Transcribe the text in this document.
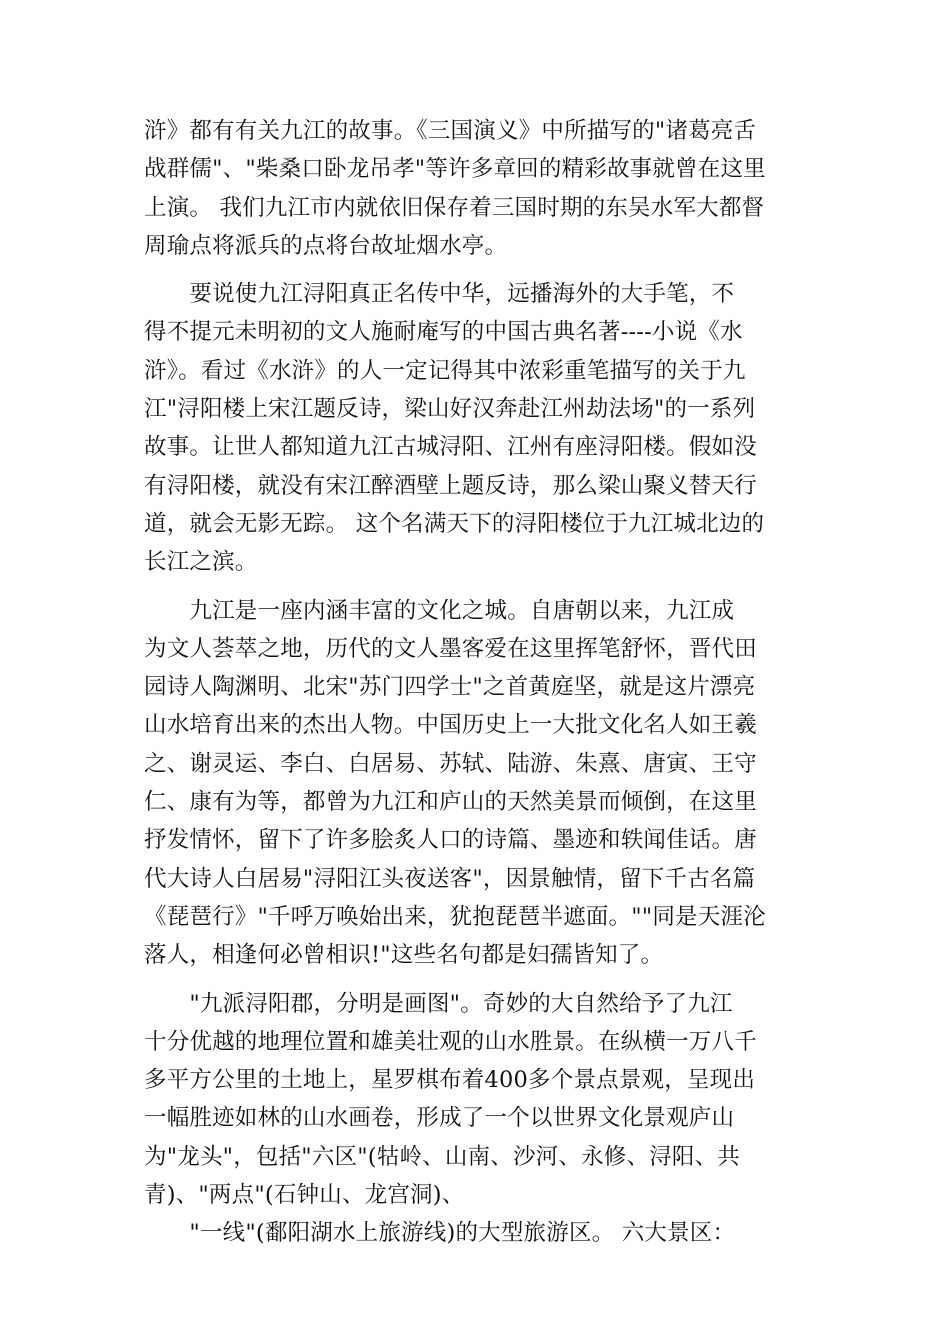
浒》都有有关九江的故事。《三国演义》中所描写的"诸葛亮舌
战群儒"、"柴桑口卧龙吊孝"等许多章回的精彩故事就曾在这里
上演。 我们九江市内就依旧保存着三国时期的东吴水军大都督
周瑜点将派兵的点将台故址烟水亭。
　　要说使九江浔阳真正名传中华，远播海外的大手笔，不
得不提元未明初的文人施耐庵写的中国古典名著----小说《水
浒》。看过《水浒》的人一定记得其中浓彩重笔描写的关于九
江"浔阳楼上宋江题反诗，梁山好汉奔赴江州劫法场"的一系列
故事。让世人都知道九江古城浔阳、江州有座浔阳楼。假如没
有浔阳楼，就没有宋江醉酒壁上题反诗，那么梁山聚义替天行
道，就会无影无踪。 这个名满天下的浔阳楼位于九江城北边的
长江之滨。
　　九江是一座内涵丰富的文化之城。自唐朝以来，九江成
为文人荟萃之地，历代的文人墨客爱在这里挥笔舒怀，晋代田
园诗人陶渊明、北宋"苏门四学士"之首黄庭坚，就是这片漂亮
山水培育出来的杰出人物。中国历史上一大批文化名人如王羲
之、谢灵运、李白、白居易、苏轼、陆游、朱熹、唐寅、王守
仁、康有为等，都曾为九江和庐山的天然美景而倾倒，在这里
抒发情怀，留下了许多脍炙人口的诗篇、墨迹和轶闻佳话。唐
代大诗人白居易"浔阳江头夜送客"，因景触情，留下千古名篇
《琵琶行》"千呼万唤始出来，犹抱琵琶半遮面。""同是天涯沦
落人，相逢何必曾相识!"这些名句都是妇孺皆知了。
　　"九派浔阳郡，分明是画图"。奇妙的大自然给予了九江
十分优越的地理位置和雄美壮观的山水胜景。在纵横一万八千
多平方公里的土地上，星罗棋布着400多个景点景观，呈现出
一幅胜迹如林的山水画卷，形成了一个以世界文化景观庐山
为"龙头"，包括"六区"(牯岭、山南、沙河、永修、浔阳、共
青)、"两点"(石钟山、龙宫洞)、
　　"一线"(鄱阳湖水上旅游线)的大型旅游区。 六大景区：
